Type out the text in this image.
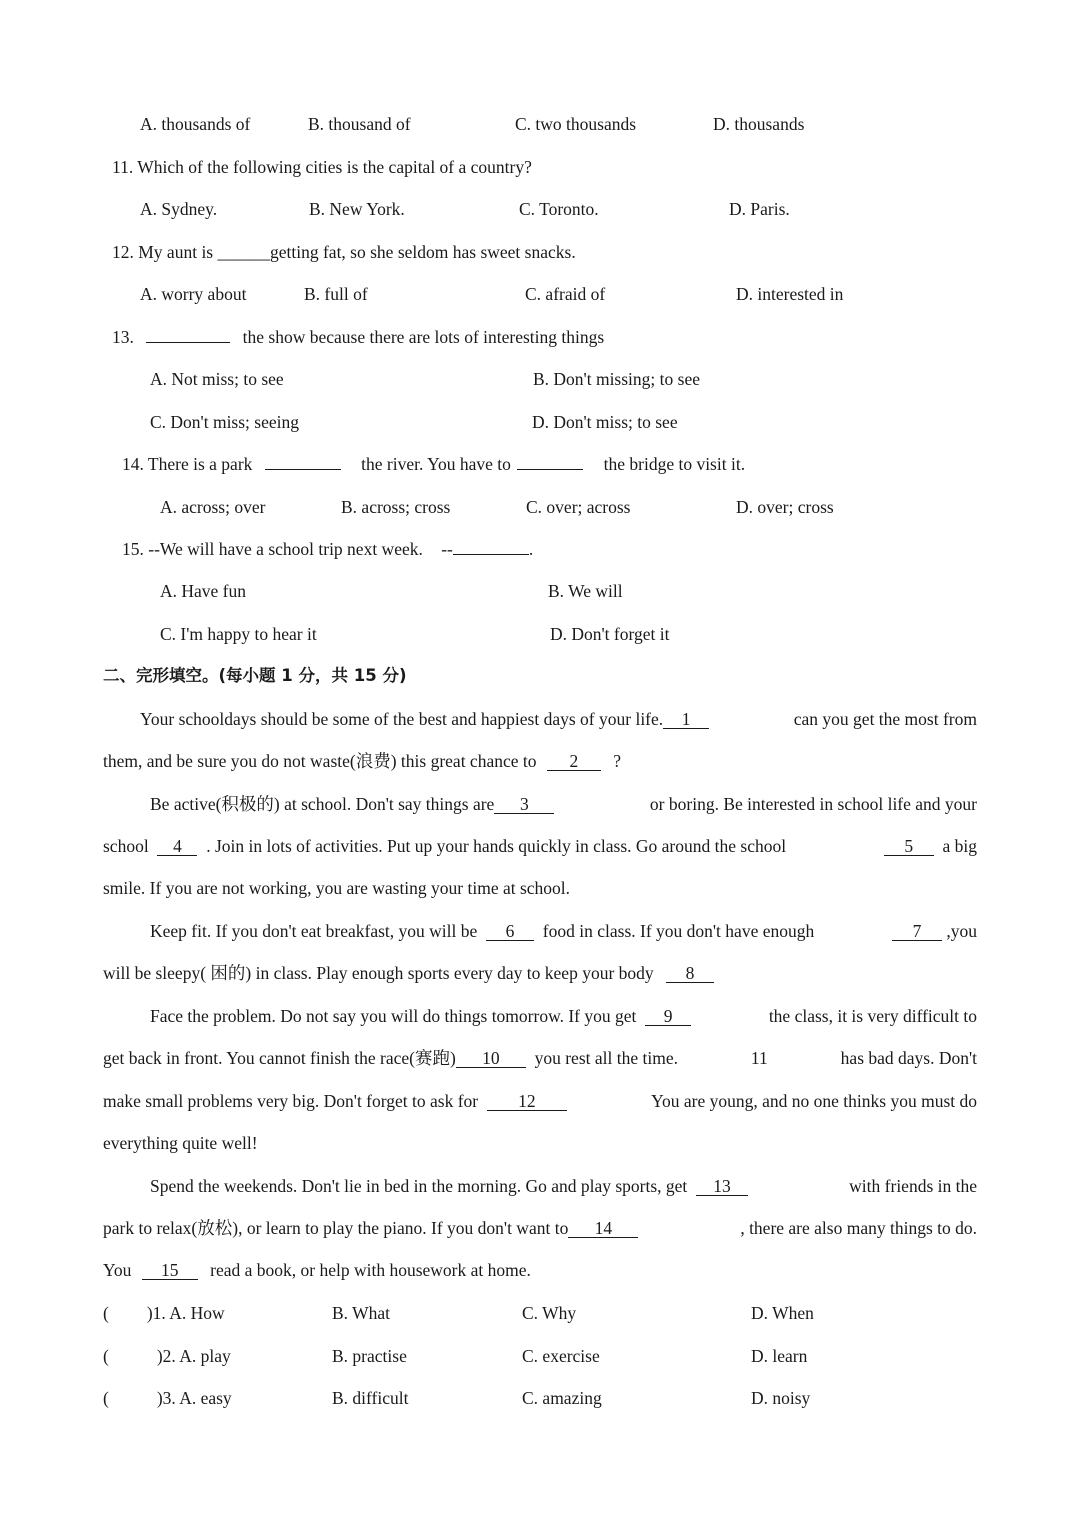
A. thousands of	B. thousand of	C. two thousands	D. thousands
11. Which of the following cities is the capital of a country?
A. Sydney.	B. New York.	C. Toronto.	D. Paris.
12. My aunt is ______getting fat, so she seldom has sweet snacks.
A. worry about	B. full of	C. afraid of	D. interested in
13.	the show because there are lots of interesting things
A. Not miss; to see	B. Don't missing; to see
C. Don't miss; seeing	D. Don't miss; to see
14. There is a park	the river. You have to	the bridge to visit it.
A. across; over	B. across; cross	C. over; across	D. over; cross
15. --We will have a school trip next week. --	.
A. Have fun	B. We will
C. I'm happy to hear it	D. Don't forget it
二、完形填空。(每小题 1 分，共 15 分)
Your schooldays should be some of the best and happiest days of your life. 1	can you get the most from
them, and be sure you do not waste(浪费) this great chance to 2 ?
Be active(积极的) at school. Don't say things are 3	or boring. Be interested in school life and your
school 4 . Join in lots of activities. Put up your hands quickly in class. Go around the school	5 a big
smile. If you are not working, you are wasting your time at school.
Keep fit. If you don't eat breakfast, you will be 6 food in class. If you don't have enough	7 ,you
will be sleepy( 困的) in class. Play enough sports every day to keep your body 8
Face the problem. Do not say you will do things tomorrow. If you get 9	the class, it is very difficult to
get back in front. You cannot finish the race(赛跑) 10 you rest all the time.	11	has bad days. Don't
make small problems very big. Don't forget to ask for 12	You are young, and no one thinks you must do
everything quite well!
Spend the weekends. Don't lie in bed in the morning. Go and play sports, get 13	with friends in the
park to relax(放松), or learn to play the piano. If you don't want to 14	, there are also many things to do.
You 15 read a book, or help with housework at home.
( )1. A. How	B. What	C. Why	D. When
(	)2. A. play	B. practise	C. exercise	D. learn
(	)3. A. easy	B. difficult	C. amazing	D. noisy
